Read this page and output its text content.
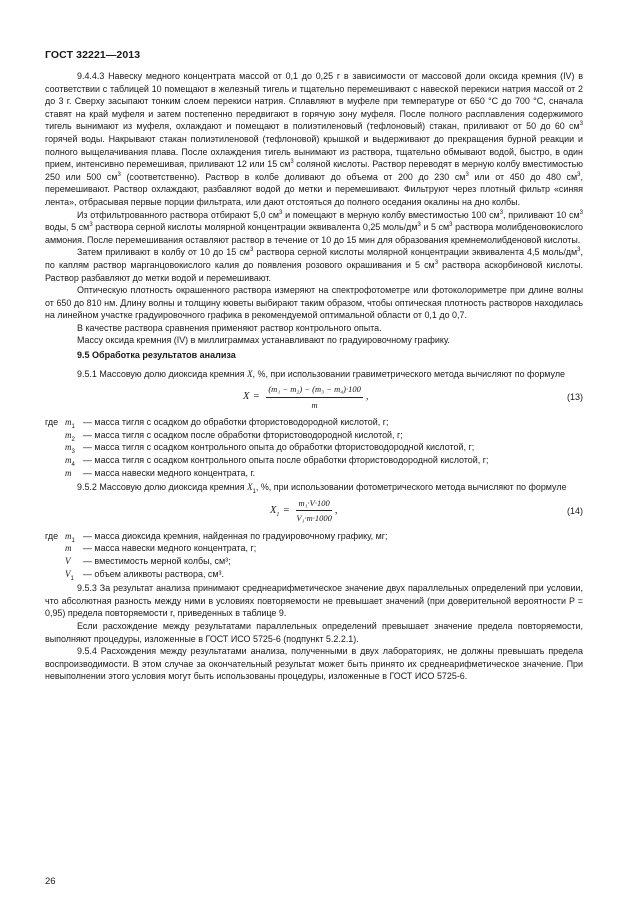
ГОСТ 32221—2013

9.4.4.3 Навеску медного концентрата массой от 0,1 до 0,25 г в зависимости от массовой доли оксида кремния (IV) в соответствии с таблицей 10 помещают в железный тигель и тщательно перемешивают с навеской перекиси натрия массой от 2 до 3 г. Сверху засыпают тонким слоем перекиси натрия. Сплавляют в муфеле при температуре от 650 °С до 700 °С, сначала ставят на край муфеля и затем постепенно передвигают в горячую зону муфеля. После полного расплавления содержимого тигель вынимают из муфеля, охлаждают и помещают в полиэтиленовый (тефлоновый) стакан, приливают от 50 до 60 $см^3$ горячей воды. Накрывают стакан полиэтиленовой (тефлоновой) крышкой и выдерживают до прекращения бурной реакции и полного выщелачивания плава. После охлаждения тигель вынимают из раствора, тщательно обмывают водой, быстро, в один прием, интенсивно перемешивая, приливают 12 или 15 $см^3$ соляной кислоты. Раствор переводят в мерную колбу вместимостью 250 или 500 $см^3$ (соответственно). Раствор в колбе доливают до объема от 200 до 230 $см^3$ или от 450 до 480 $см^3$, перемешивают. Раствор охлаждают, разбавляют водой до метки и перемешивают. Фильтруют через плотный фильтр «синяя лента», отбрасывая первые порции фильтрата, или дают отстояться до полного оседания окалины на дно колбы.

Из отфильтрованного раствора отбирают 5,0 $см^3$ и помещают в мерную колбу вместимостью 100 $см^3$, приливают 10 $см^3$ воды, 5 $см^3$ раствора серной кислоты молярной концентрации эквивалента 0,25 моль/$дм^3$ и 5 $см^3$ раствора молибденовокислого аммония. После перемешивания оставляют раствор в течение от 10 до 15 мин для образования кремнемолибденовой кислоты.

Затем приливают в колбу от 10 до 15 $см^3$ раствора серной кислоты молярной концентрации эквивалента 4,5 моль/$дм^3$, по каплям раствор марганцовокислого калия до появления розового окрашивания и 5 $см^3$ раствора аскорбиновой кислоты. Раствор разбавляют до метки водой и перемешивают.

Оптическую плотность окрашенного раствора измеряют на спектрофотометре или фотоколориметре при длине волны от 650 до 810 нм. Длину волны и толщину кюветы выбирают таким образом, чтобы оптическая плотность растворов находилась на линейном участке градуировочного графика в рекомендуемой оптимальной области от 0,1 до 0,7.

В качестве раствора сравнения применяют раствор контрольного опыта.

Массу оксида кремния (IV) в миллиграммах устанавливают по градуировочному графику.

9.5 Обработка результатов анализа

9.5.1 Массовую долю диоксида кремния X, %, при использовании гравиметрического метода вычисляют по формуле

$X = \frac{\text{(m₁ − m₂) − (m₃ − m₄)·100}}{m}$ ,	(13)
где $m_1$ — масса тигля с осадком до обработки фтористоводородной кислотой, г;
$m_2$ — масса тигля с осадком после обработки фтористоводородной кислотой, г;
$m_3$ — масса тигля с осадком контрольного опыта до обработки фтористоводородной кислотой, г;
$m_4$ — масса тигля с осадком контрольного опыта после обработки фтористоводородной кислотой, г;
m — масса навески медного концентрата, г.

9.5.2 Массовую долю диоксида кремния $X_1$, %, при использовании фотометрического метода вычисляют по формуле

$X_1 = \frac{\text{m₁·V·100}}{\text{V₁·m·1000}}$ ,	(14)
где $m_1$ — масса диоксида кремния, найденная по градуировочному графику, мг;
m — масса навески медного концентрата, г;
V — вместимость мерной колбы, см³;
$V_1$ — объем аликвоты раствора, см³.

9.5.3 За результат анализа принимают среднеарифметическое значение двух параллельных определений при условии, что абсолютная разность между ними в условиях повторяемости не превышает значений (при доверительной вероятности P = 0,95) предела повторяемости r, приведенных в таблице 9.

Если расхождение между результатами параллельных определений превышает значение предела повторяемости, выполняют процедуры, изложенные в ГОСТ ИСО 5725-6 (подпункт 5.2.2.1).

9.5.4 Расхождения между результатами анализа, полученными в двух лабораториях, не должны превышать предела воспроизводимости. В этом случае за окончательный результат может быть принято их среднеарифметическое значение. При невыполнении этого условия могут быть использованы процедуры, изложенные в ГОСТ ИСО 5725-6.

26
